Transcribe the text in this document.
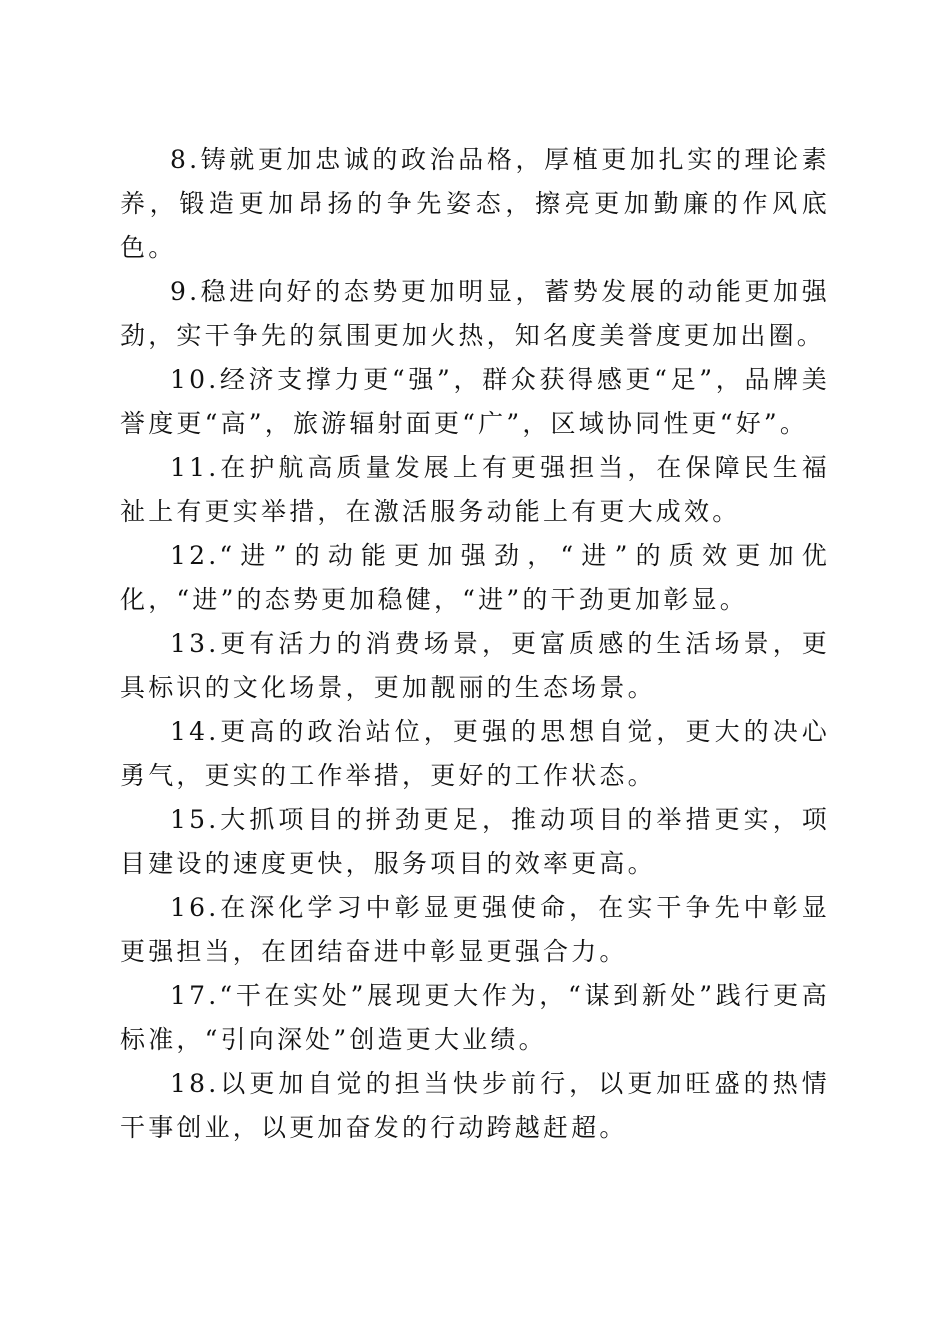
8.铸就更加忠诚的政治品格，厚植更加扎实的理论素养，锻造更加昂扬的争先姿态，擦亮更加勤廉的作风底色。

9.稳进向好的态势更加明显，蓄势发展的动能更加强劲，实干争先的氛围更加火热，知名度美誉度更加出圈。

10.经济支撑力更“强”，群众获得感更“足”，品牌美誉度更“高”，旅游辐射面更“广”，区域协同性更“好”。

11.在护航高质量发展上有更强担当，在保障民生福祉上有更实举措，在激活服务动能上有更大成效。

12.“进”的动能更加强劲，“进”的质效更加优化，“进”的态势更加稳健，“进”的干劲更加彰显。

13.更有活力的消费场景，更富质感的生活场景，更具标识的文化场景，更加靓丽的生态场景。

14.更高的政治站位，更强的思想自觉，更大的决心勇气，更实的工作举措，更好的工作状态。

15.大抓项目的拼劲更足，推动项目的举措更实，项目建设的速度更快，服务项目的效率更高。

16.在深化学习中彰显更强使命，在实干争先中彰显更强担当，在团结奋进中彰显更强合力。

17.“干在实处”展现更大作为，“谋到新处”践行更高标准，“引向深处”创造更大业绩。

18.以更加自觉的担当快步前行，以更加旺盛的热情干事创业，以更加奋发的行动跨越赶超。
